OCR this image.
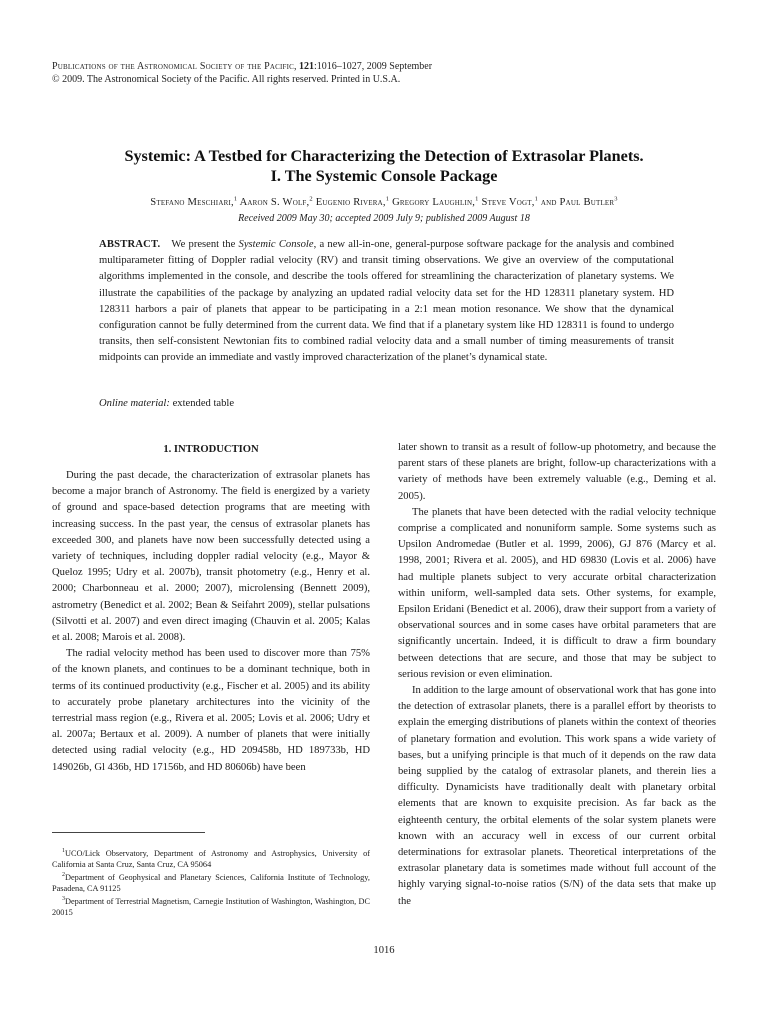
Publications of the Astronomical Society of the Pacific, 121:1016–1027, 2009 September
© 2009. The Astronomical Society of the Pacific. All rights reserved. Printed in U.S.A.
Systemic: A Testbed for Characterizing the Detection of Extrasolar Planets.
I. The Systemic Console Package
Stefano Meschiari,$^1$ Aaron S. Wolf,$^2$ Eugenio Rivera,$^1$ Gregory Laughlin,$^1$ Steve Vogt,$^1$ and Paul Butler$^3$
Received 2009 May 30; accepted 2009 July 9; published 2009 August 18
ABSTRACT. We present the Systemic Console, a new all-in-one, general-purpose software package for the analysis and combined multiparameter fitting of Doppler radial velocity (RV) and transit timing observations. We give an overview of the computational algorithms implemented in the console, and describe the tools offered for streamlining the characterization of planetary systems. We illustrate the capabilities of the package by analyzing an updated radial velocity data set for the HD 128311 planetary system. HD 128311 harbors a pair of planets that appear to be participating in a 2:1 mean motion resonance. We show that the dynamical configuration cannot be fully determined from the current data. We find that if a planetary system like HD 128311 is found to undergo transits, then self-consistent Newtonian fits to combined radial velocity data and a small number of timing measurements of transit midpoints can provide an immediate and vastly improved characterization of the planet’s dynamical state.
Online material: extended table
1. INTRODUCTION

During the past decade, the characterization of extrasolar planets has become a major branch of Astronomy. The field is energized by a variety of ground and space-based detection programs that are meeting with increasing success. In the past year, the census of extrasolar planets has exceeded 300, and planets have now been successfully detected using a variety of techniques, including doppler radial velocity (e.g., Mayor & Queloz 1995; Udry et al. 2007b), transit photometry (e.g., Henry et al. 2000; Charbonneau et al. 2000; 2007), microlensing (Bennett 2009), astrometry (Benedict et al. 2002; Bean & Seifahrt 2009), stellar pulsations (Silvotti et al. 2007) and even direct imaging (Chauvin et al. 2005; Kalas et al. 2008; Marois et al. 2008).

The radial velocity method has been used to discover more than 75% of the known planets, and continues to be a dominant technique, both in terms of its continued productivity (e.g., Fischer et al. 2005) and its ability to accurately probe planetary architectures into the vicinity of the terrestrial mass region (e.g., Rivera et al. 2005; Lovis et al. 2006; Udry et al. 2007a; Bertaux et al. 2009). A number of planets that were initially detected using radial velocity (e.g., HD 209458b, HD 189733b, HD 149026b, Gl 436b, HD 17156b, and HD 80606b) have been

later shown to transit as a result of follow-up photometry, and because the parent stars of these planets are bright, follow-up characterizations with a variety of methods have been extremely valuable (e.g., Deming et al. 2005).

The planets that have been detected with the radial velocity technique comprise a complicated and nonuniform sample. Some systems such as Upsilon Andromedae (Butler et al. 1999, 2006), GJ 876 (Marcy et al. 1998, 2001; Rivera et al. 2005), and HD 69830 (Lovis et al. 2006) have had multiple planets subject to very accurate orbital characterization within uniform, well-sampled data sets. Other systems, for example, Epsilon Eridani (Benedict et al. 2006), draw their support from a variety of observational sources and in some cases have orbital parameters that are significantly uncertain. Indeed, it is difficult to draw a firm boundary between detections that are secure, and those that may be subject to serious revision or even elimination.

In addition to the large amount of observational work that has gone into the detection of extrasolar planets, there is a parallel effort by theorists to explain the emerging distributions of planets within the context of theories of planetary formation and evolution. This work spans a wide variety of bases, but a unifying principle is that much of it depends on the raw data being supplied by the catalog of extrasolar planets, and therein lies a difficulty. Dynamicists have traditionally dealt with planetary orbital elements that are known to exquisite precision. As far back as the eighteenth century, the orbital elements of the solar system planets were known with an accuracy well in excess of our current orbital determinations for extrasolar planets. Theoretical interpretations of the extrasolar planetary data is sometimes made without full account of the highly varying signal-to-noise ratios (S/N) of the data sets that make up the

$^1$UCO/Lick Observatory, Department of Astronomy and Astrophysics, University of California at Santa Cruz, Santa Cruz, CA 95064

$^2$Department of Geophysical and Planetary Sciences, California Institute of Technology, Pasadena, CA 91125

$^3$Department of Terrestrial Magnetism, Carnegie Institution of Washington, Washington, DC 20015

1016
